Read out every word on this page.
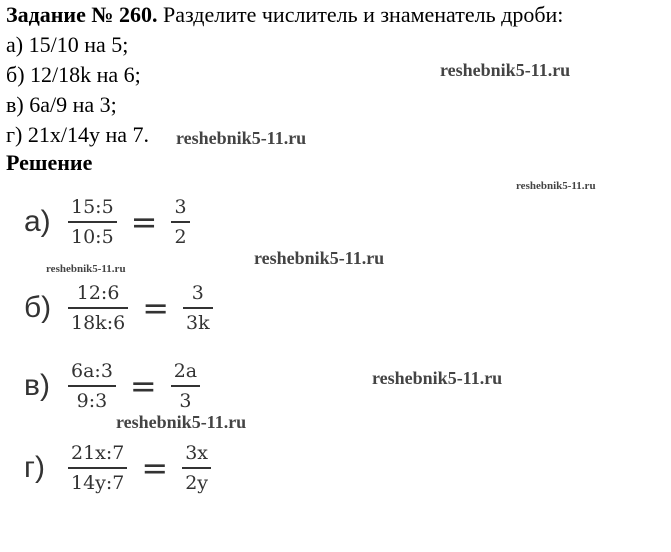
Задание № 260. Разделите числитель и знаменатель дроби:
а) 15/10 на 5;
б) 12/18k на 6;
в) 6a/9 на 3;
г) 21x/14y на 7.
Решение
$а) \frac{15:5}{10:5} = \frac{3}{2}$
$б) \frac{12:6}{18k:6} = \frac{3}{3k}$
$в) \frac{6a:3}{9:3} = \frac{2a}{3}$
г)	$\frac{21x:7}{14y:7} = \frac{3x}{2y}$
reshebnik5-11.ru
reshebnik5-11.ru
reshebnik5-11.ru
reshebnik5-11.ru
reshebnik5-11.ru
reshebnik5-11.ru
reshebnik5-11.ru
